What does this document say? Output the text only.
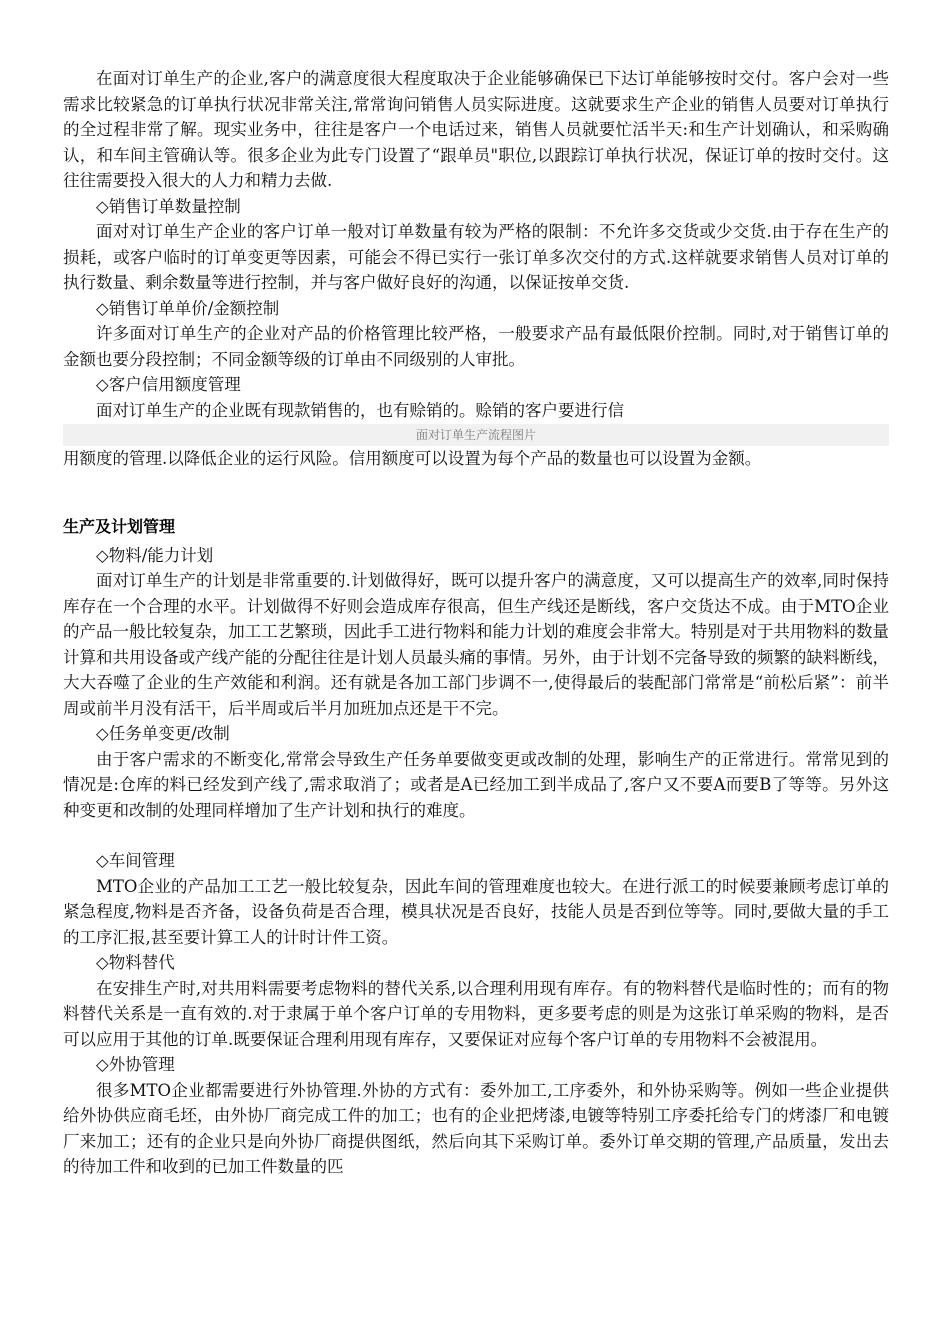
在面对订单生产的企业,客户的满意度很大程度取决于企业能够确保已下达订单能够按时交付。客户会对一些需求比较紧急的订单执行状况非常关注,常常询问销售人员实际进度。这就要求生产企业的销售人员要对订单执行的全过程非常了解。现实业务中，往往是客户一个电话过来，销售人员就要忙活半天:和生产计划确认，和采购确认，和车间主管确认等。很多企业为此专门设置了“跟单员"职位,以跟踪订单执行状况，保证订单的按时交付。这往往需要投入很大的人力和精力去做.

◇销售订单数量控制

面对对订单生产企业的客户订单一般对订单数量有较为严格的限制：不允许多交货或少交货.由于存在生产的损耗，或客户临时的订单变更等因素，可能会不得已实行一张订单多次交付的方式.这样就要求销售人员对订单的执行数量、剩余数量等进行控制，并与客户做好良好的沟通，以保证按单交货.

◇销售订单单价/金额控制

许多面对订单生产的企业对产品的价格管理比较严格，一般要求产品有最低限价控制。同时,对于销售订单的金额也要分段控制；不同金额等级的订单由不同级别的人审批。

◇客户信用额度管理

面对订单生产的企业既有现款销售的，也有赊销的。赊销的客户要进行信

面对订单生产流程图片

用额度的管理.以降低企业的运行风险。信用额度可以设置为每个产品的数量也可以设置为金额。

生产及计划管理

◇物料/能力计划

面对订单生产的计划是非常重要的.计划做得好，既可以提升客户的满意度，又可以提高生产的效率,同时保持库存在一个合理的水平。计划做得不好则会造成库存很高，但生产线还是断线，客户交货达不成。由于MTO企业的产品一般比较复杂，加工工艺繁琐，因此手工进行物料和能力计划的难度会非常大。特别是对于共用物料的数量计算和共用设备或产线产能的分配往往是计划人员最头痛的事情。另外，由于计划不完备导致的频繁的缺料断线，大大吞噬了企业的生产效能和利润。还有就是各加工部门步调不一,使得最后的装配部门常常是“前松后紧”：前半周或前半月没有活干，后半周或后半月加班加点还是干不完。

◇任务单变更/改制

由于客户需求的不断变化,常常会导致生产任务单要做变更或改制的处理，影响生产的正常进行。常常见到的情况是:仓库的料已经发到产线了,需求取消了；或者是A已经加工到半成品了,客户又不要A而要B了等等。另外这种变更和改制的处理同样增加了生产计划和执行的难度。

◇车间管理

MTO企业的产品加工工艺一般比较复杂，因此车间的管理难度也较大。在进行派工的时候要兼顾考虑订单的紧急程度,物料是否齐备，设备负荷是否合理，模具状况是否良好，技能人员是否到位等等。同时,要做大量的手工的工序汇报,甚至要计算工人的计时计件工资。

◇物料替代

在安排生产时,对共用料需要考虑物料的替代关系,以合理利用现有库存。有的物料替代是临时性的；而有的物料替代关系是一直有效的.对于隶属于单个客户订单的专用物料，更多要考虑的则是为这张订单采购的物料，是否可以应用于其他的订单.既要保证合理利用现有库存，又要保证对应每个客户订单的专用物料不会被混用。

◇外协管理

很多MTO企业都需要进行外协管理.外协的方式有：委外加工,工序委外，和外协采购等。例如一些企业提供给外协供应商毛坯，由外协厂商完成工件的加工；也有的企业把烤漆,电镀等特别工序委托给专门的烤漆厂和电镀厂来加工；还有的企业只是向外协厂商提供图纸，然后向其下采购订单。委外订单交期的管理,产品质量，发出去的待加工件和收到的已加工件数量的匹
